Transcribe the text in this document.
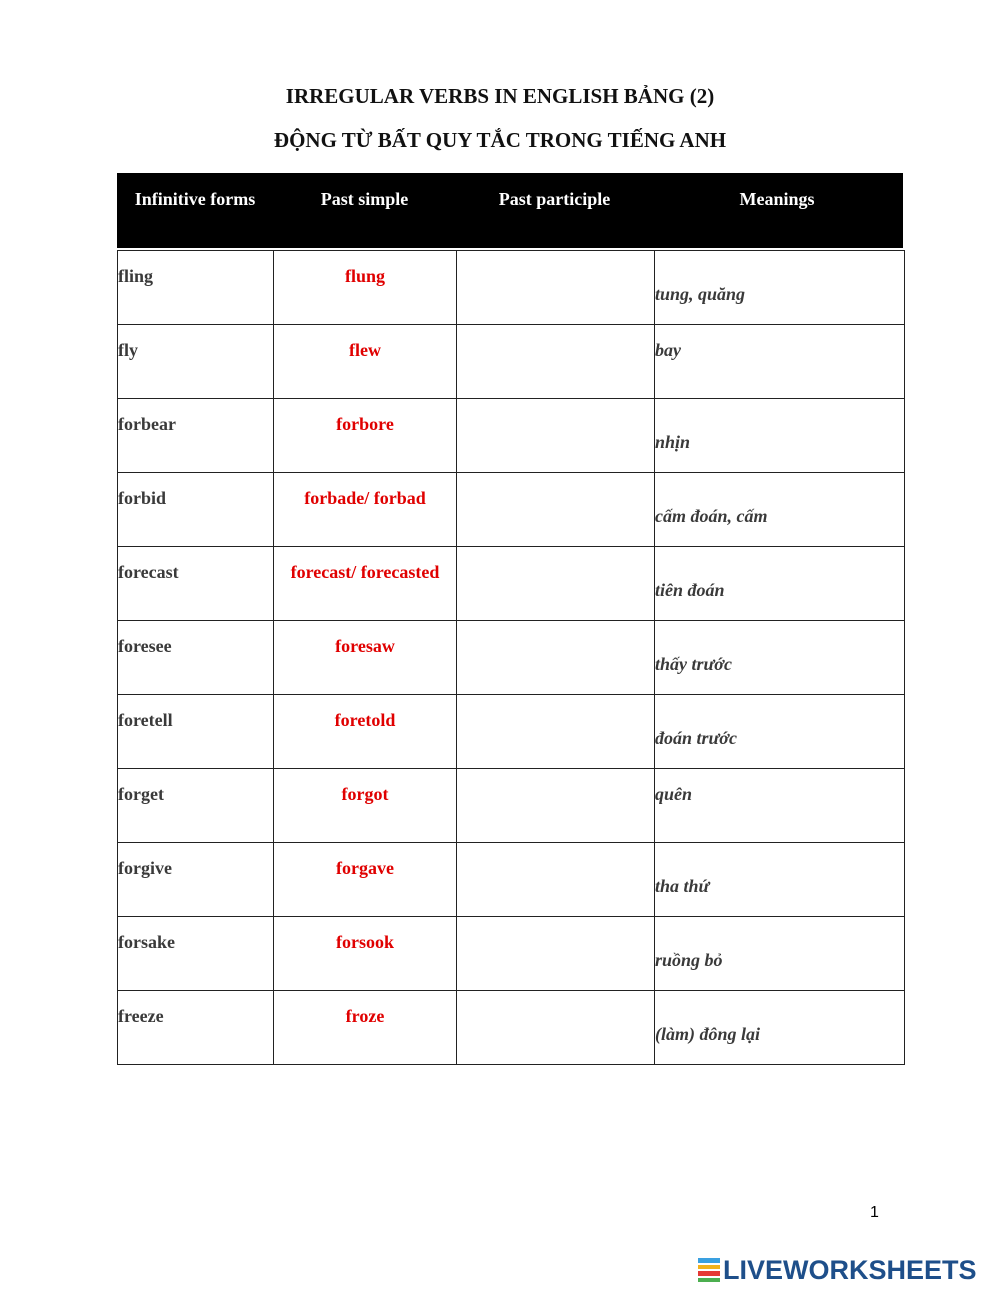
IRREGULAR VERBS IN ENGLISH BẢNG (2)
ĐỘNG TỪ BẤT QUY TẮC TRONG TIẾNG ANH
Infinitive forms	Past simple	Past participle	Meanings
fling	flung		tung, quăng

fly	flew		bay

forbear	forbore		nhịn

forbid	forbade/ forbad		cấm đoán, cấm

forecast	forecast/ forecasted		tiên đoán

foresee	foresaw		thấy trước

foretell	foretold		đoán trước

forget	forgot		quên

forgive	forgave		tha thứ

forsake	forsook		ruồng bỏ

freeze	froze		(làm) đông lại
1
LIVEWORKSHEETS
